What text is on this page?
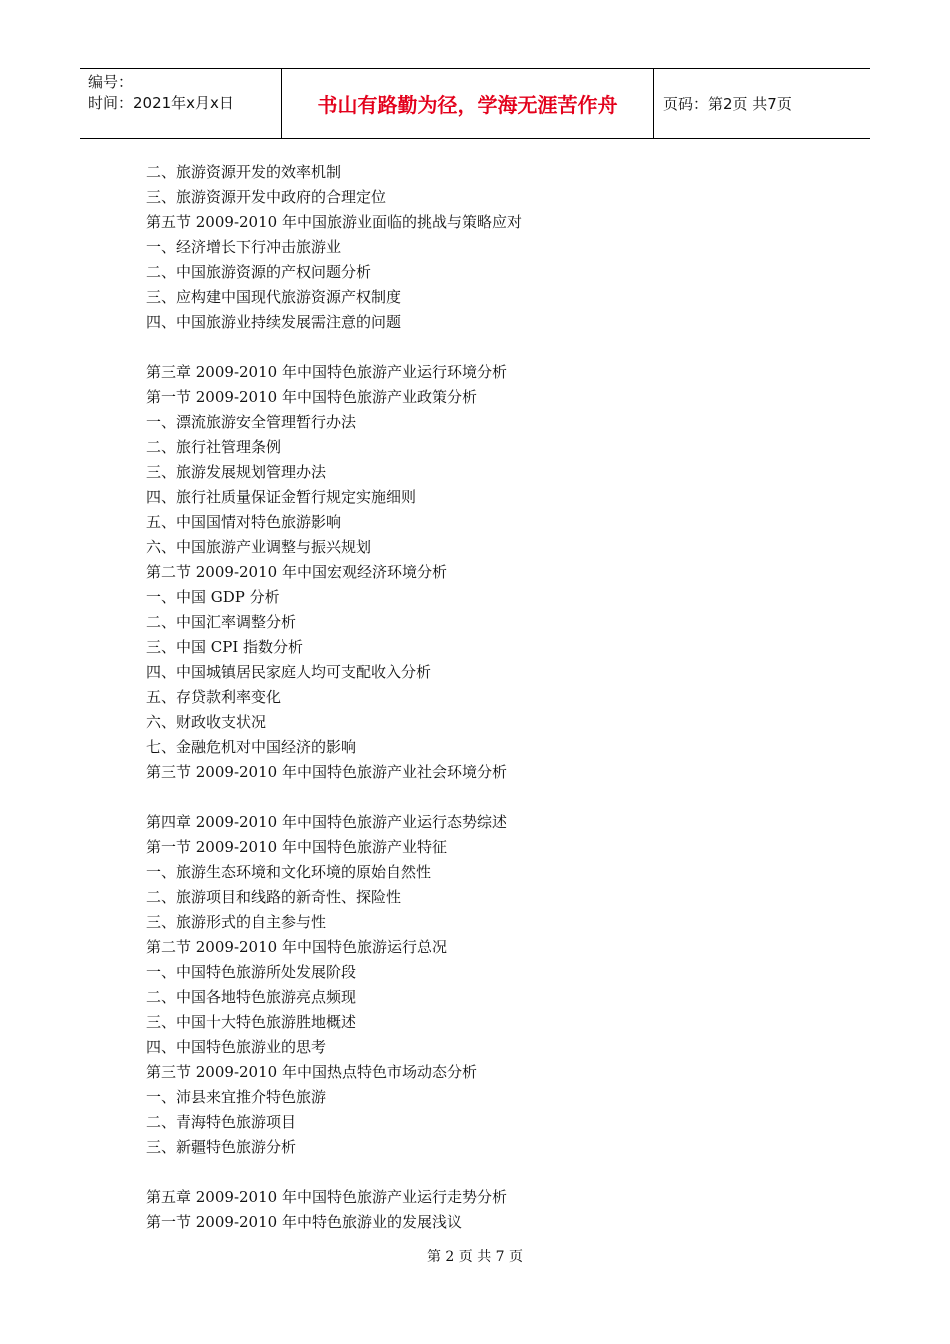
编号：
时间：2021年x月x日	书山有路勤为径，学海无涯苦作舟	页码：第2页 共7页
二、旅游资源开发的效率机制
三、旅游资源开发中政府的合理定位
第五节 2009-2010 年中国旅游业面临的挑战与策略应对
一、经济增长下行冲击旅游业
二、中国旅游资源的产权问题分析
三、应构建中国现代旅游资源产权制度
四、中国旅游业持续发展需注意的问题
第三章 2009-2010 年中国特色旅游产业运行环境分析
第一节 2009-2010 年中国特色旅游产业政策分析
一、漂流旅游安全管理暂行办法
二、旅行社管理条例
三、旅游发展规划管理办法
四、旅行社质量保证金暂行规定实施细则
五、中国国情对特色旅游影响
六、中国旅游产业调整与振兴规划
第二节 2009-2010 年中国宏观经济环境分析
一、中国 GDP 分析
二、中国汇率调整分析
三、中国 CPI 指数分析
四、中国城镇居民家庭人均可支配收入分析
五、存贷款利率变化
六、财政收支状况
七、金融危机对中国经济的影响
第三节 2009-2010 年中国特色旅游产业社会环境分析
第四章 2009-2010 年中国特色旅游产业运行态势综述
第一节 2009-2010 年中国特色旅游产业特征
一、旅游生态环境和文化环境的原始自然性
二、旅游项目和线路的新奇性、探险性
三、旅游形式的自主参与性
第二节 2009-2010 年中国特色旅游运行总况
一、中国特色旅游所处发展阶段
二、中国各地特色旅游亮点频现
三、中国十大特色旅游胜地概述
四、中国特色旅游业的思考
第三节 2009-2010 年中国热点特色市场动态分析
一、沛县来宜推介特色旅游
二、青海特色旅游项目
三、新疆特色旅游分析
第五章 2009-2010 年中国特色旅游产业运行走势分析
第一节 2009-2010 年中特色旅游业的发展浅议
第 2 页 共 7 页
